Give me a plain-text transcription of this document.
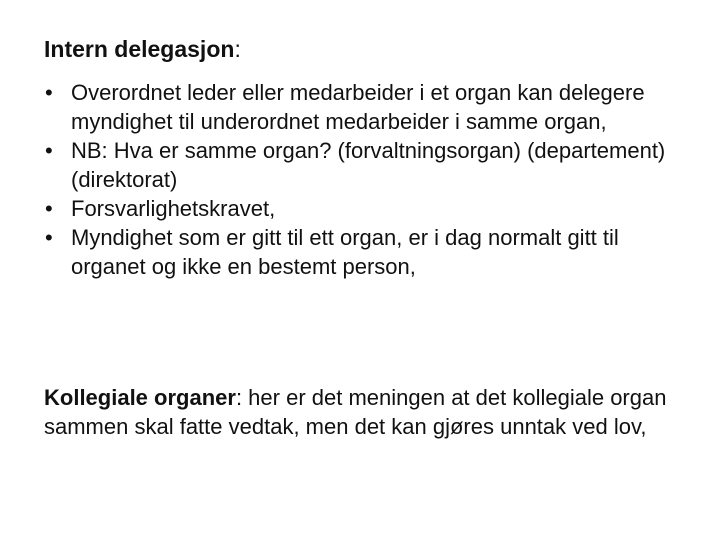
Intern delegasjon:
• Overordnet leder eller medarbeider i et organ kan delegere myndighet til underordnet medarbeider i samme organ,
• NB: Hva er samme organ? (forvaltningsorgan) (departement) (direktorat)
• Forsvarlighetskravet,
• Myndighet som er gitt til ett organ, er i dag normalt gitt til organet og ikke en bestemt person,
Kollegiale organer: her er det meningen at det kollegiale organ sammen skal fatte vedtak, men det kan gjøres unntak ved lov,
